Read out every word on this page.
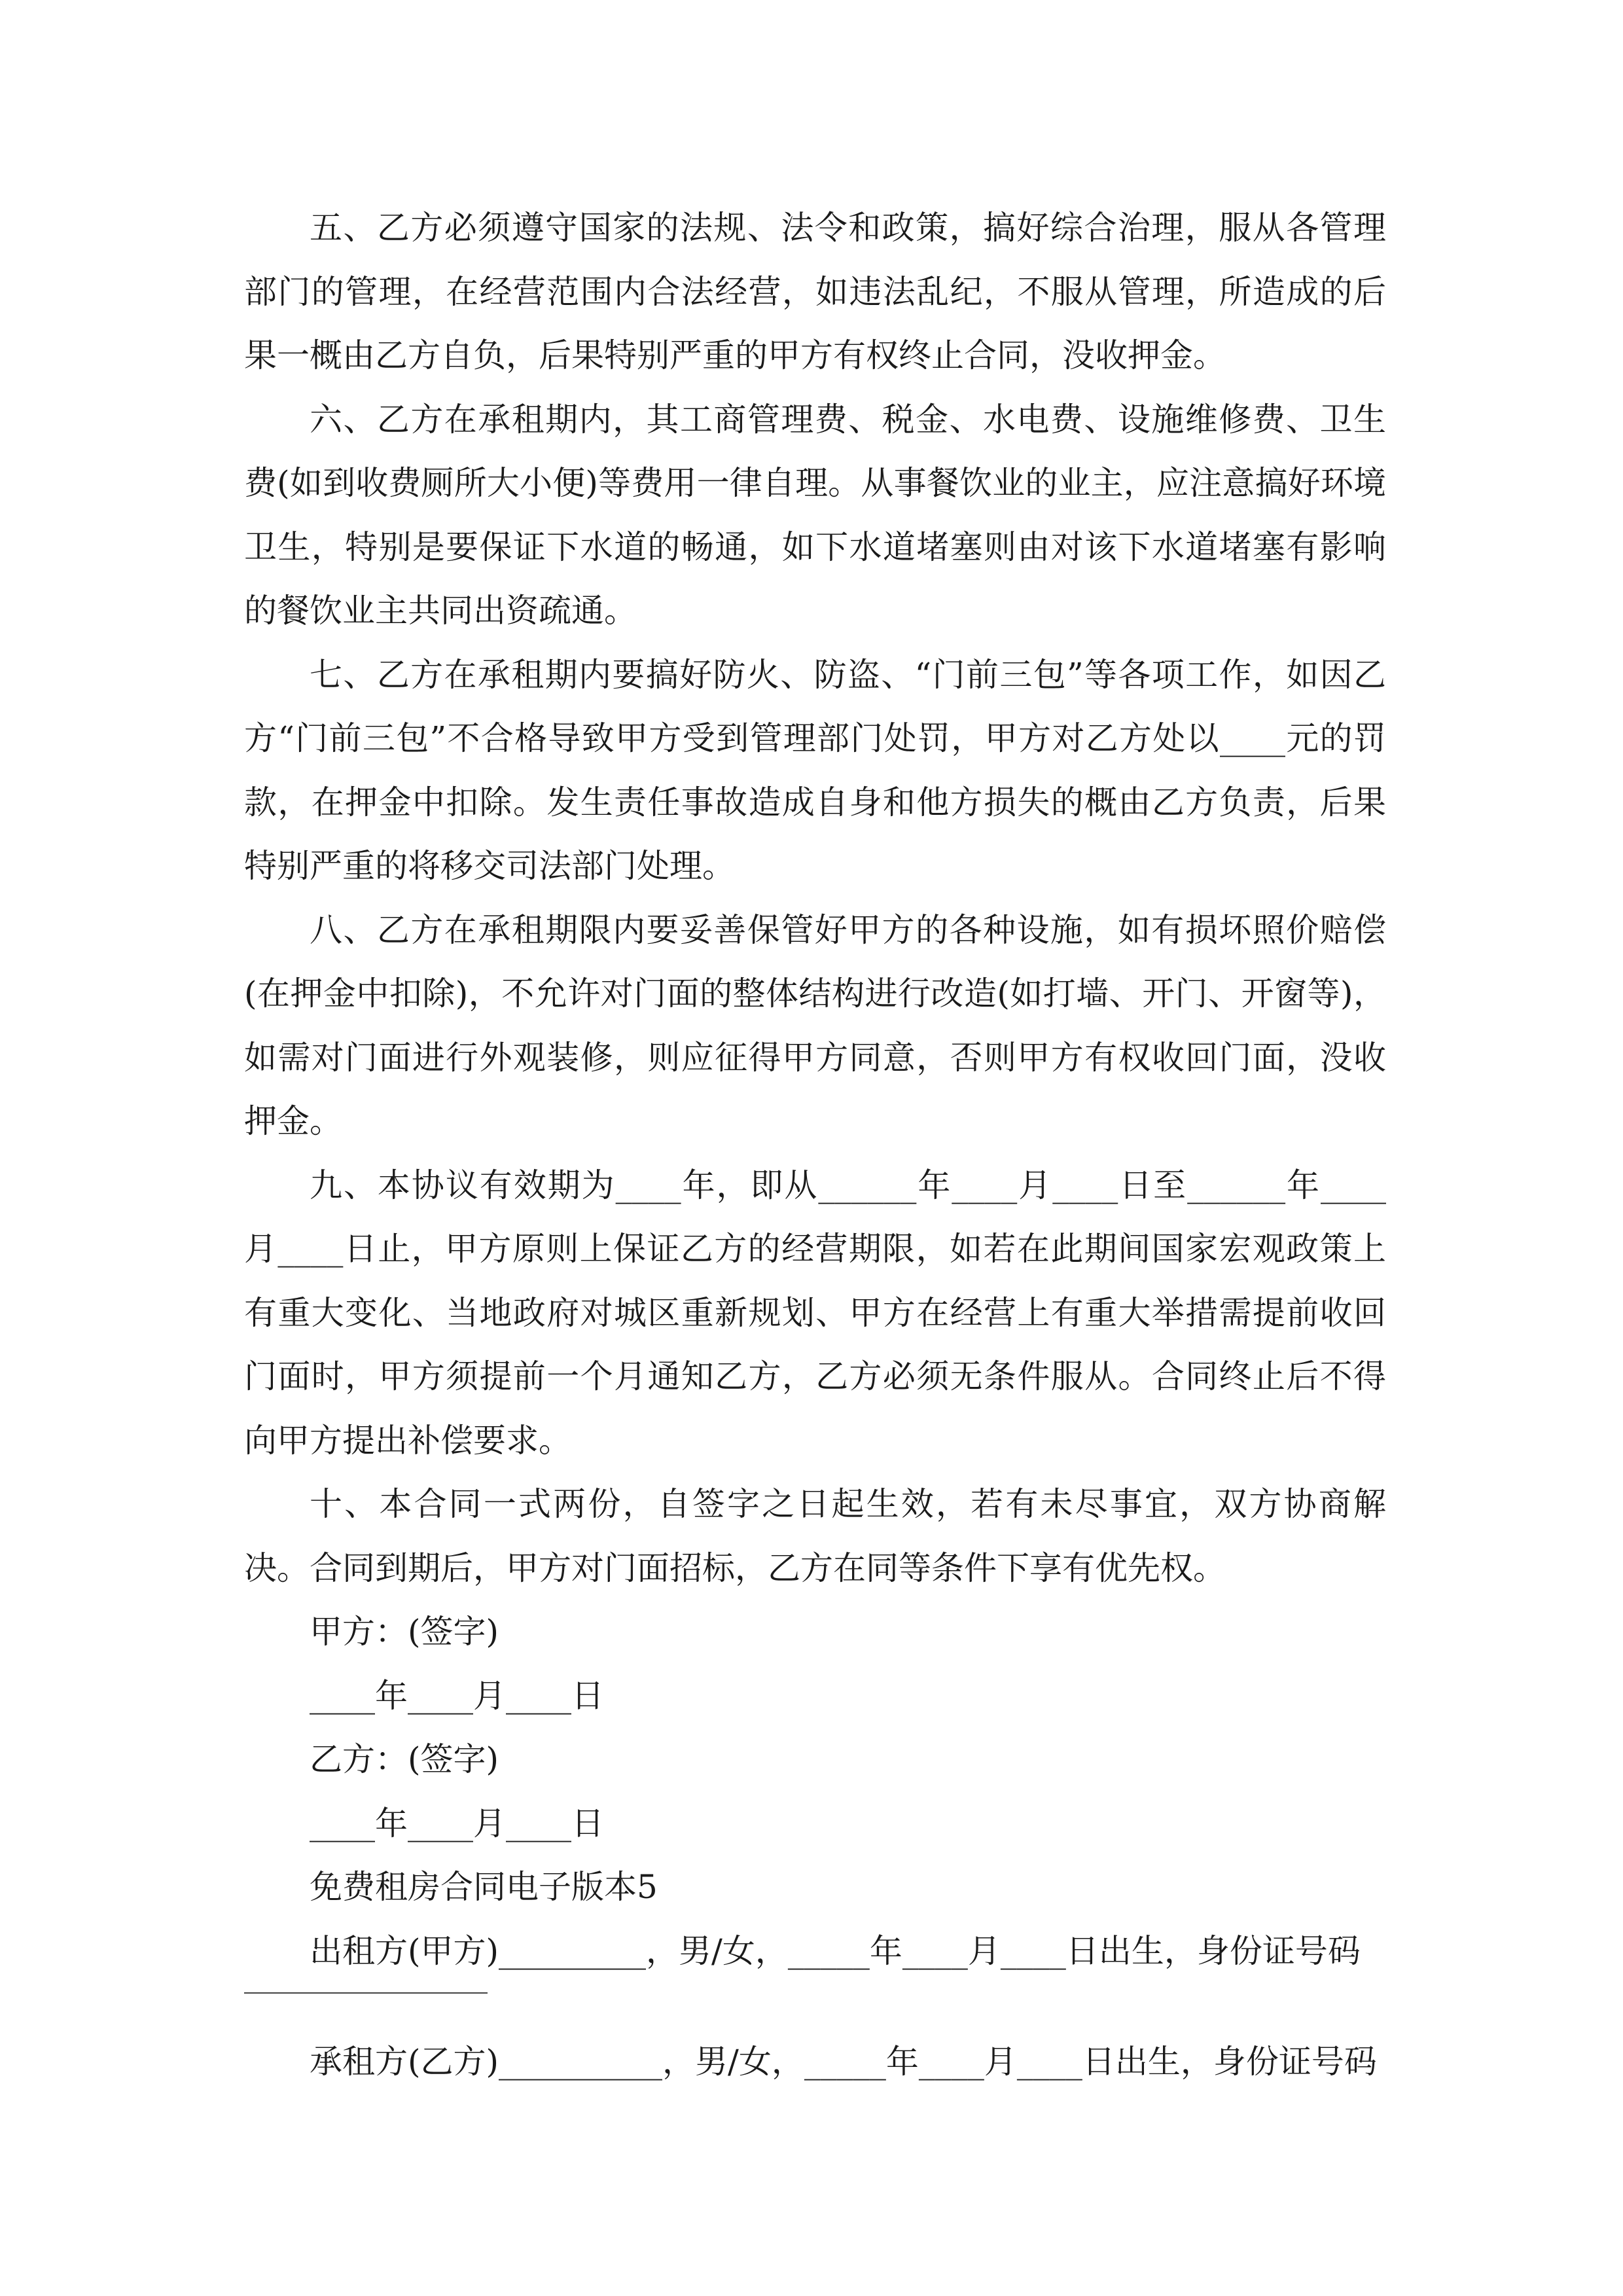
五、乙方必须遵守国家的法规、法令和政策，搞好综合治理，服从各管理部门的管理，在经营范围内合法经营，如违法乱纪，不服从管理，所造成的后果一概由乙方自负，后果特别严重的甲方有权终止合同，没收押金。

六、乙方在承租期内，其工商管理费、税金、水电费、设施维修费、卫生费(如到收费厕所大小便)等费用一律自理。从事餐饮业的业主，应注意搞好环境卫生，特别是要保证下水道的畅通，如下水道堵塞则由对该下水道堵塞有影响的餐饮业主共同出资疏通。

七、乙方在承租期内要搞好防火、防盗、“门前三包”等各项工作，如因乙方“门前三包”不合格导致甲方受到管理部门处罚，甲方对乙方处以____元的罚款，在押金中扣除。发生责任事故造成自身和他方损失的概由乙方负责，后果特别严重的将移交司法部门处理。

八、乙方在承租期限内要妥善保管好甲方的各种设施，如有损坏照价赔偿(在押金中扣除)，不允许对门面的整体结构进行改造(如打墙、开门、开窗等)，如需对门面进行外观装修，则应征得甲方同意，否则甲方有权收回门面，没收押金。

九、本协议有效期为____年，即从______年____月____日至______年____月____日止，甲方原则上保证乙方的经营期限，如若在此期间国家宏观政策上有重大变化、当地政府对城区重新规划、甲方在经营上有重大举措需提前收回门面时，甲方须提前一个月通知乙方，乙方必须无条件服从。合同终止后不得向甲方提出补偿要求。

十、本合同一式两份，自签字之日起生效，若有未尽事宜，双方协商解决。合同到期后，甲方对门面招标，乙方在同等条件下享有优先权。

甲方：(签字)

____年____月____日

乙方：(签字)

____年____月____日

免费租房合同电子版本5

出租方(甲方)_________，男/女，_____年____月____日出生，身份证号码

承租方(乙方)__________，男/女，_____年____月____日出生，身份证号码
